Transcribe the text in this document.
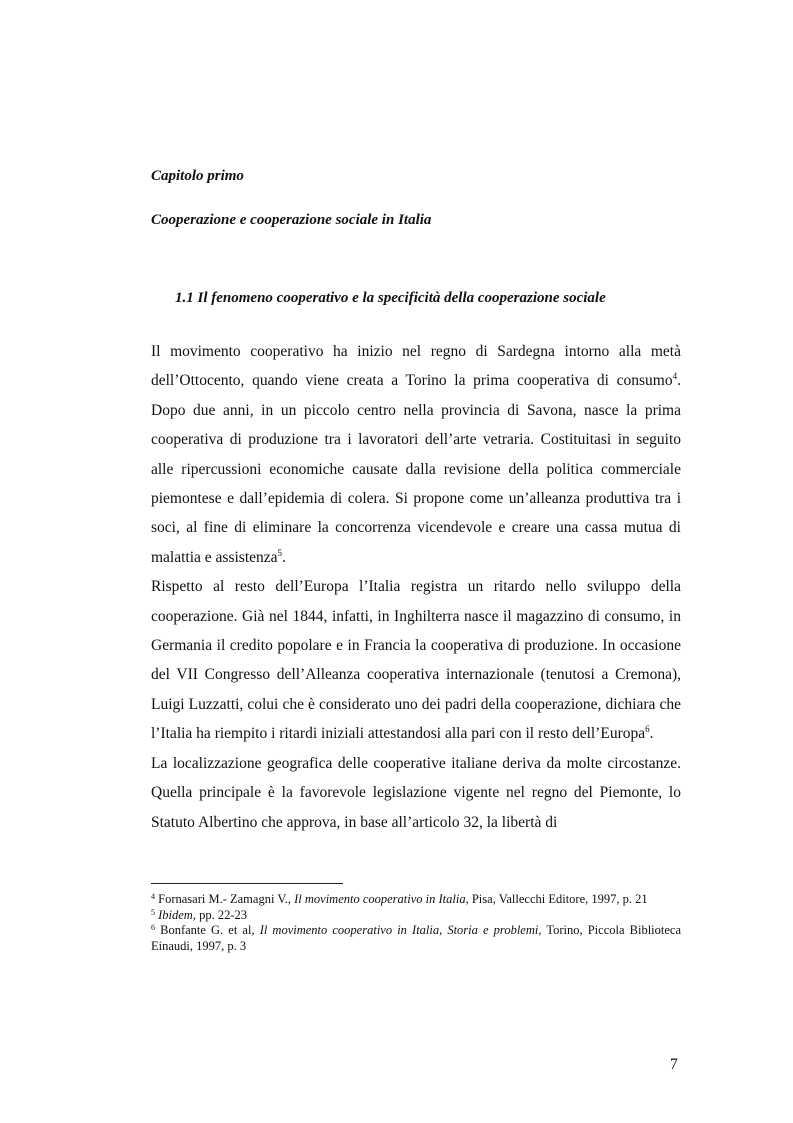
Capitolo primo
Cooperazione e cooperazione sociale in Italia
1.1 Il fenomeno cooperativo e la specificità della cooperazione sociale

Il movimento cooperativo ha inizio nel regno di Sardegna intorno alla metà dell’Ottocento, quando viene creata a Torino la prima cooperativa di consumo$^4$. Dopo due anni, in un piccolo centro nella provincia di Savona, nasce la prima cooperativa di produzione tra i lavoratori dell’arte vetraria. Costituitasi in seguito alle ripercussioni economiche causate dalla revisione della politica commerciale piemontese e dall’epidemia di colera. Si propone come un’alleanza produttiva tra i soci, al fine di eliminare la concorrenza vicendevole e creare una cassa mutua di malattia e assistenza$^5$.

Rispetto al resto dell’Europa l’Italia registra un ritardo nello sviluppo della cooperazione. Già nel 1844, infatti, in Inghilterra nasce il magazzino di consumo, in Germania il credito popolare e in Francia la cooperativa di produzione. In occasione del VII Congresso dell’Alleanza cooperativa internazionale (tenutosi a Cremona), Luigi Luzzatti, colui che è considerato uno dei padri della cooperazione, dichiara che l’Italia ha riempito i ritardi iniziali attestandosi alla pari con il resto dell’Europa$^6$.

La localizzazione geografica delle cooperative italiane deriva da molte circostanze. Quella principale è la favorevole legislazione vigente nel regno del Piemonte, lo Statuto Albertino che approva, in base all’articolo 32, la libertà di

$^4$ Fornasari M.- Zamagni V., Il movimento cooperativo in Italia, Pisa, Vallecchi Editore, 1997, p. 21

$^5$ Ibidem, pp. 22-23

$^6$ Bonfante G. et al, Il movimento cooperativo in Italia, Storia e problemi, Torino, Piccola Biblioteca Einaudi, 1997, p. 3

7
